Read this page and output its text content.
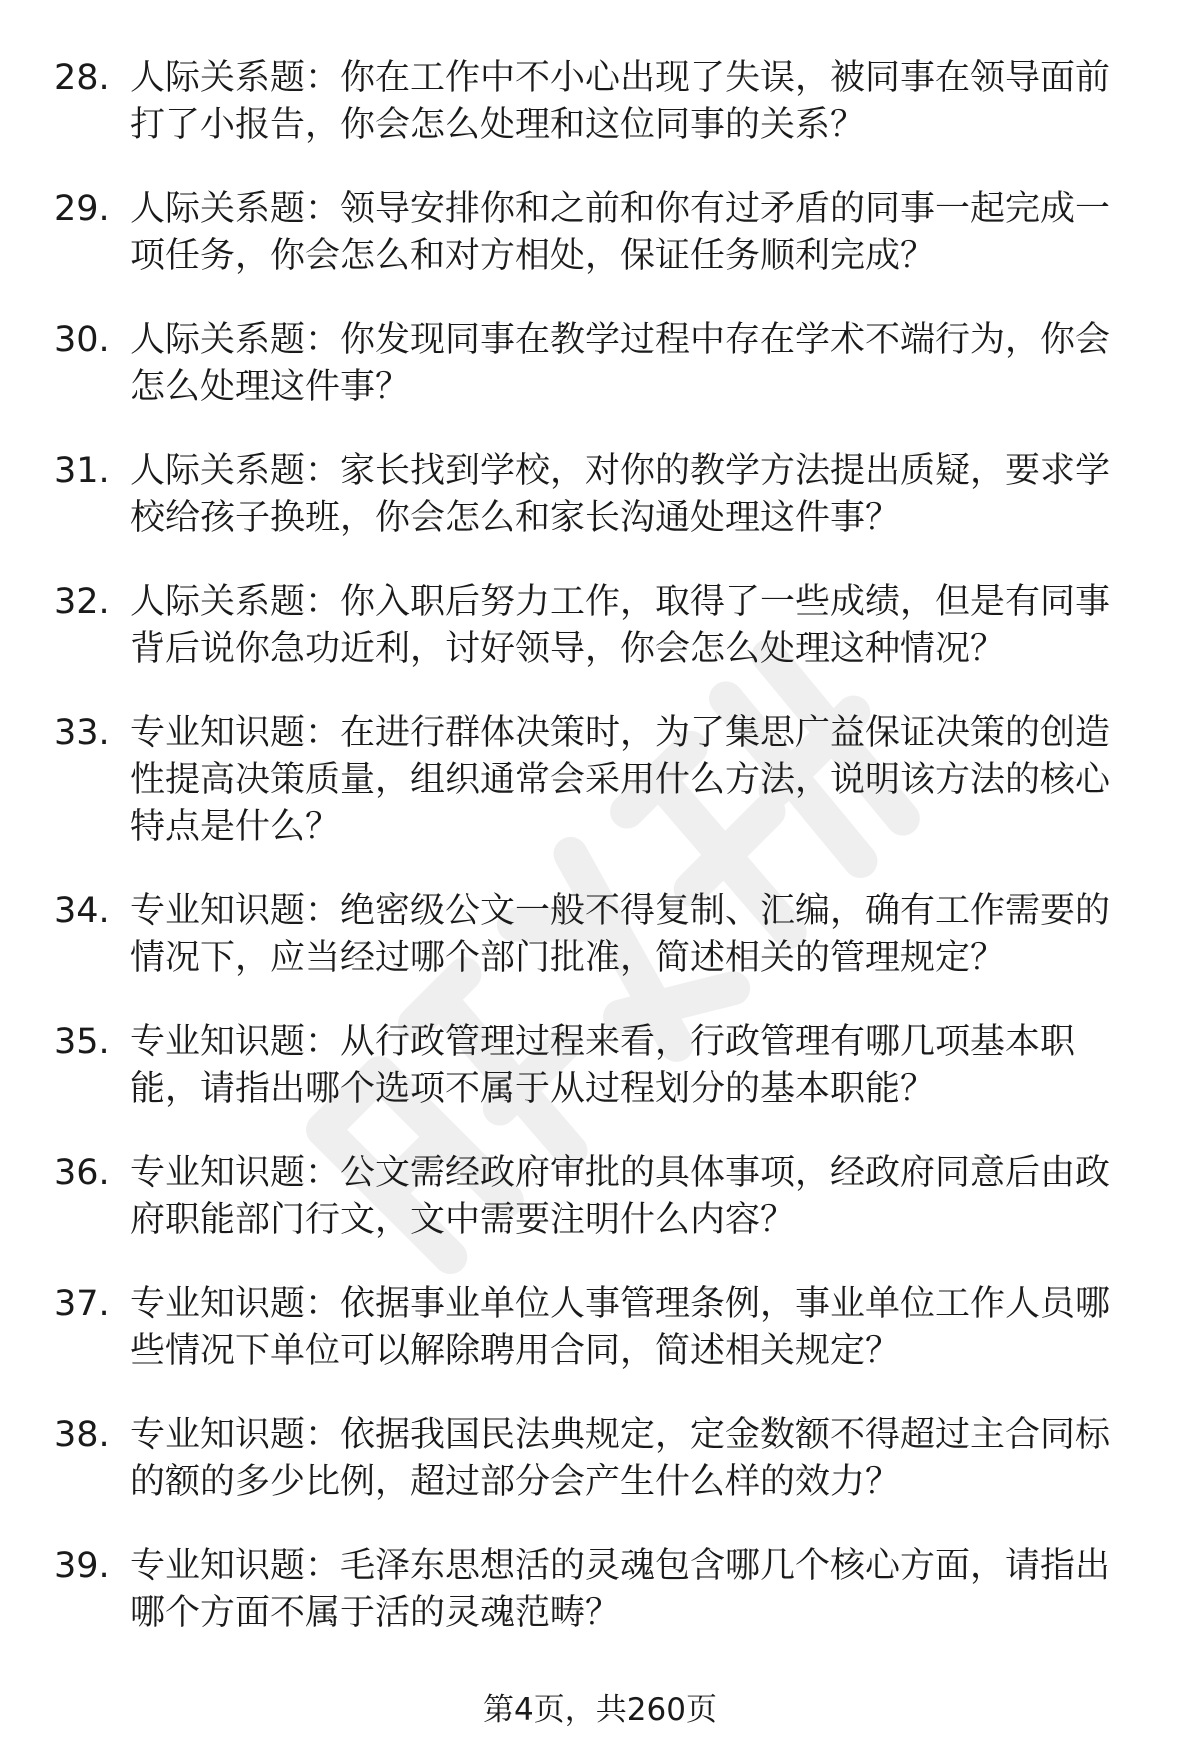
28. 人际关系题：你在工作中不小心出现了失误，被同事在领导面前打了小报告，你会怎么处理和这位同事的关系？
29. 人际关系题：领导安排你和之前和你有过矛盾的同事一起完成一项任务，你会怎么和对方相处，保证任务顺利完成？
30. 人际关系题：你发现同事在教学过程中存在学术不端行为，你会怎么处理这件事？
31. 人际关系题：家长找到学校，对你的教学方法提出质疑，要求学校给孩子换班，你会怎么和家长沟通处理这件事？
32. 人际关系题：你入职后努力工作，取得了一些成绩，但是有同事背后说你急功近利，讨好领导，你会怎么处理这种情况？
33. 专业知识题：在进行群体决策时，为了集思广益保证决策的创造性提高决策质量，组织通常会采用什么方法，说明该方法的核心特点是什么？
34. 专业知识题：绝密级公文一般不得复制、汇编，确有工作需要的情况下，应当经过哪个部门批准，简述相关的管理规定？
35. 专业知识题：从行政管理过程来看，行政管理有哪几项基本职能，请指出哪个选项不属于从过程划分的基本职能？
36. 专业知识题：公文需经政府审批的具体事项，经政府同意后由政府职能部门行文，文中需要注明什么内容？
37. 专业知识题：依据事业单位人事管理条例，事业单位工作人员哪些情况下单位可以解除聘用合同，简述相关规定？
38. 专业知识题：依据我国民法典规定，定金数额不得超过主合同标的额的多少比例，超过部分会产生什么样的效力？
39. 专业知识题：毛泽东思想活的灵魂包含哪几个核心方面，请指出哪个方面不属于活的灵魂范畴？
第4页，共260页
